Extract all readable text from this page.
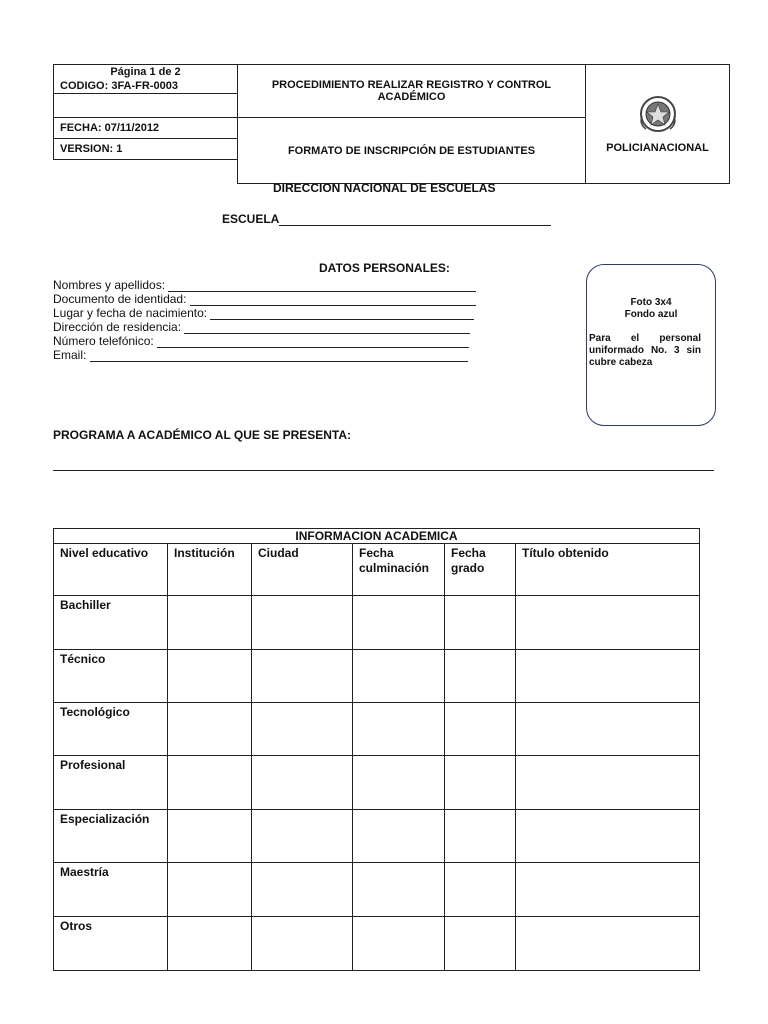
Página 1 de 2
CODIGO: 3FA-FR-0003	PROCEDIMIENTO REALIZAR REGISTRO Y CONTROL ACADÉMICO	POLICIANACIONAL

FECHA: 07/11/2012
VERSION: 1	FORMATO DE INSCRIPCIÓN DE ESTUDIANTES	

DIRECCION NACIONAL DE ESCUELAS
ESCUELA
DATOS PERSONALES:
Nombres y apellidos:
Documento de identidad:
Lugar y fecha de nacimiento:
Dirección de residencia:
Número telefónico:
Email:
Foto 3x4
Fondo azul
Para el personal uniformado No. 3 sin cubre cabeza
PROGRAMA A ACADÉMICO AL QUE SE PRESENTA:
INFORMACION ACADEMICA					
Nivel educativo	Institución	Ciudad	Fecha culminación	Fecha grado	Título obtenido
Bachiller					
Técnico					
Tecnológico					
Profesional					
Especialización					
Maestría					
Otros					
